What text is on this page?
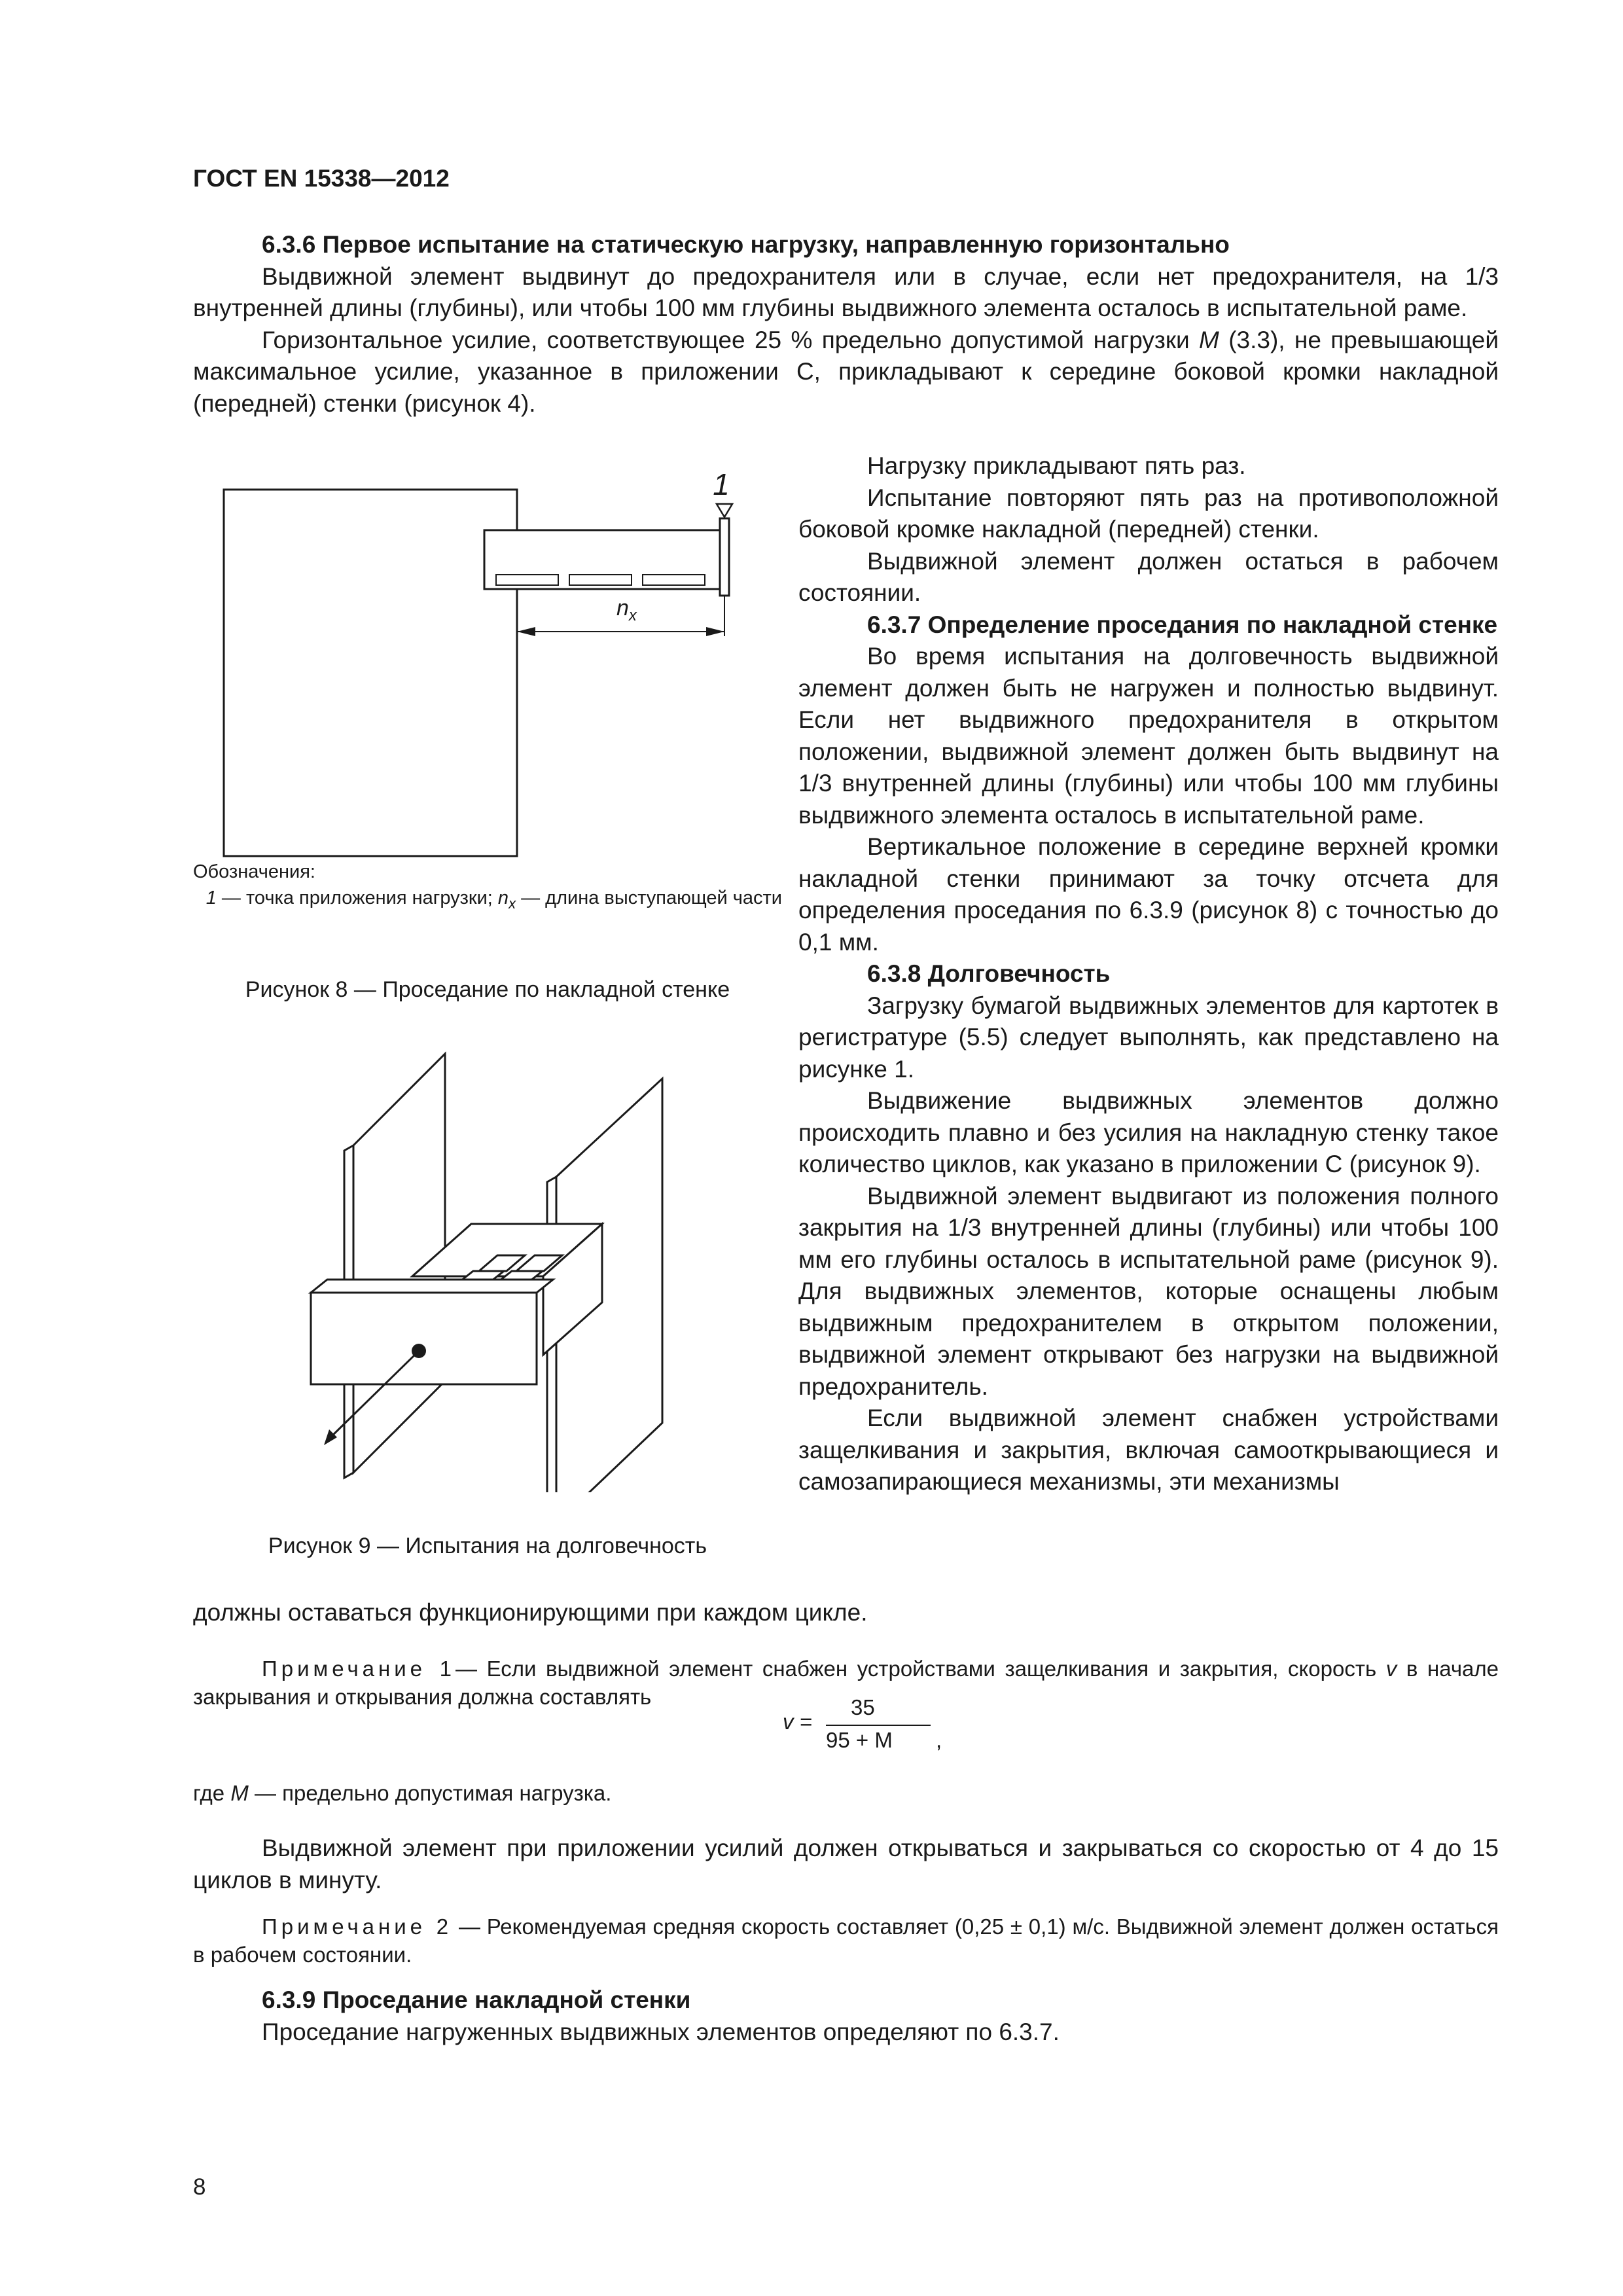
ГОСТ EN 15338—2012

6.3.6 Первое испытание на статическую нагрузку, направленную горизонтально

Выдвижной элемент выдвинут до предохранителя или в случае, если нет предохранителя, на 1/3 внутренней длины (глубины), или чтобы 100 мм глубины выдвижного элемента осталось в испытательной раме.

Горизонтальное усилие, соответствующее 25 % предельно допустимой нагрузки M (3.3), не превышающей максимальное усилие, указанное в приложении C, прикладывают к середине боковой кромки накладной (передней) стенки (рисунок 4).

Нагрузку прикладывают пять раз.

Испытание повторяют пять раз на противоположной боковой кромке накладной (передней) стенки.

Выдвижной элемент должен остаться в рабочем состоянии.

6.3.7 Определение проседания по накладной стенке

Во время испытания на долговечность выдвижной элемент должен быть не нагружен и полностью выдвинут. Если нет выдвижного предохранителя в открытом положении, выдвижной элемент должен быть выдвинут на 1/3 внутренней длины (глубины) или чтобы 100 мм глубины выдвижного элемента осталось в испытательной раме.

Вертикальное положение в середине верхней кромки накладной стенки принимают за точку отсчета для определения проседания по 6.3.9 (рисунок 8) с точностью до 0,1 мм.

6.3.8 Долговечность

Загрузку бумагой выдвижных элементов для картотек в регистратуре (5.5) следует выполнять, как представлено на рисунке 1.

Выдвижение выдвижных элементов должно происходить плавно и без усилия на накладную стенку такое количество циклов, как указано в приложении C (рисунок 9).

Выдвижной элемент выдвигают из положения полного закрытия на 1/3 внутренней длины (глубины) или чтобы 100 мм его глубины осталось в испытательной раме (рисунок 9). Для выдвижных элементов, которые оснащены любым выдвижным предохранителем в открытом положении, выдвижной элемент открывают без нагрузки на выдвижной предохранитель.

Если выдвижной элемент снабжен устройствами защелкивания и закрытия, включая самооткрывающиеся и самозапирающиеся механизмы, эти механизмы

1
$n_x$
Обозначения:
1 — точка приложения нагрузки; $n_x$ — длина выступающей части
Рисунок 8 — Проседание по накладной стенке
Рисунок 9 — Испытания на долговечность
должны оставаться функционирующими при каждом цикле.
Примечание 1— Если выдвижной элемент снабжен устройствами защелкивания и закрытия, скорость v в начале закрывания и открывания должна составлять
v =
35
95 + M ,
где M — предельно допустимая нагрузка.

Выдвижной элемент при приложении усилий должен открываться и закрываться со скоростью от 4 до 15 циклов в минуту.

Примечание 2 — Рекомендуемая средняя скорость составляет (0,25 ± 0,1) м/с. Выдвижной элемент должен остаться в рабочем состоянии.

6.3.9 Проседание накладной стенки

Проседание нагруженных выдвижных элементов определяют по 6.3.7.

8
